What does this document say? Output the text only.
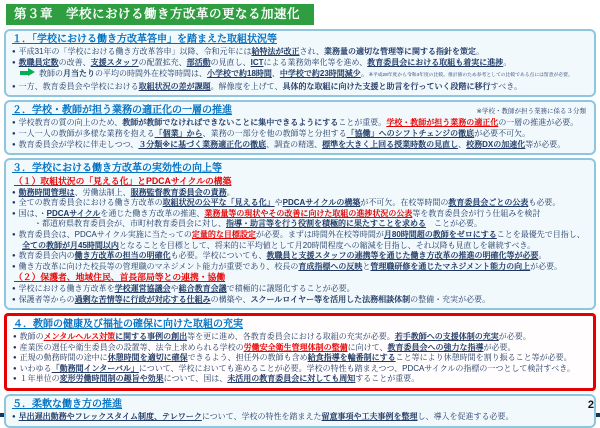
第３章　学校における働き方改革の更なる加速化
１．「学校における働き方改革答申」を踏まえた取組状況等
● 平成31年の「学校における働き方改革答申」以降、令和元年には給特法が改正され、業務量の適切な管理等に関する指針を策定。
● 教職員定数の改善、支援スタッフの配置拡充、部活動の見直し、ICTによる業務効率化等を進め、教育委員会における取組も着実に進捗。
教師の月当たりの平均の時間外在校等時間は、小学校で約18時間、中学校で約23時間減少。※平成28年度から令和4年度の比較。推計値のため参考としての比較である点には留意が必要。
● 一方、教育委員会や学校における取組状況の差が課題。解像度を上げて、具体的な取組に向けた支援と助言を行っていく段階に移行すべき。
２．学校・教師が担う業務の適正化の一層の推進	※学校・教師が担う業務に係る３分類
● 学校教育の質の向上のため、教師が教師でなければできないことに集中できるようにすることが重要。学校・教師が担う業務の適正化の一層の推進が必要。
● 一人一人の教師が多様な業務を抱える「個業」から、業務の一部分を他の教師等と分担する「協働」へのシフトチェンジの徹底が必要不可欠。
● 教育委員会が学校に伴走しつつ、３分類※に基づく業務適正化の徹底、調査の精選、標準を大きく上回る授業時数の見直し、校務DXの加速化等が必要。
３．学校における働き方改革の実効性の向上等
（１）取組状況の「見える化」とPDCAサイクルの構築
● 勤務時間管理は、労働法制上、服務監督教育委員会の責務。
● 全ての教育委員会における働き方改革の取組状況の公平な「見える化」やPDCAサイクルの構築が不可欠。在校等時間の教育委員会ごとの公表も必要。
● 国は、・PDCAサイクルを通じた働き方改革の推進、業務量等の現状やその改善に向けた取組の進捗状況の公表等を教育委員会が行う仕組みを検討
・都道府県教育委員会が、市町村教育委員会に対し、指導・助言等を行う役割を積極的に果たすことを求める　ことが必要。
● 教育委員会は、PDCAサイクル実施に当たっての定量的な目標設定が必要。まずは時間外在校等時間が月80時間超の教師をゼロにすることを最優先で目指し、全ての教師が月45時間以内となることを目標として、将来的に平均値として月20時間程度への縮減を目指し、それ以降も見直しを継続すべき。
● 教育委員会内の働き方改革の担当の明確化も必要。学校についても、教職員と支援スタッフの連携等を通じた働き方改革の推進の明確化等が必要。
● 働き方改革に向けた校長等の管理職のマネジメント能力が重要であり、校長の育成指標への反映と管理職研修を通じたマネジメント能力の向上が必要。
（２）保護者、地域住民、首長部局等との連携・協働
● 学校における働き方改革を学校運営協議会や総合教育会議で積極的に議題化することが必要。
● 保護者等からの過剰な苦情等に行政が対応する仕組みの構築や、スクールロイヤー等を活用した法務相談体制の整備・充実が必要。
４．教師の健康及び福祉の確保に向けた取組の充実
● 教師のメンタルヘルス対策に関する事例の創出等を更に進め、各教育委員会における取組の充実が必要。若手教師への支援体制の充実が必要。
● 産業医の選任や衛生委員会の設置等、法令上求められる学校の労働安全衛生管理体制の整備に向けて、教育委員会への強力な指導が必要。
● 正規の勤務時間の途中に休憩時間を適切に確保できるよう、担任外の教師も含め給食指導を輪番制にすること等により休憩時間を割り振ること等が必要。
● いわゆる「勤務間インターバル」について、学校においても進めることが必要。学校の特性も踏まえつつ、PDCAサイクルの指標の一つとして検討すべき。
● １年単位の変形労働時間制の趣旨や効果について、国は、未活用の教育委員会に対しても周知することが重要。
５．柔軟な働き方の推進
● 早出遅出勤務やフレックスタイム制度、テレワークについて、学校の特性を踏まえた留意事項や工夫事例を整理し、導入を促進する必要。
2
